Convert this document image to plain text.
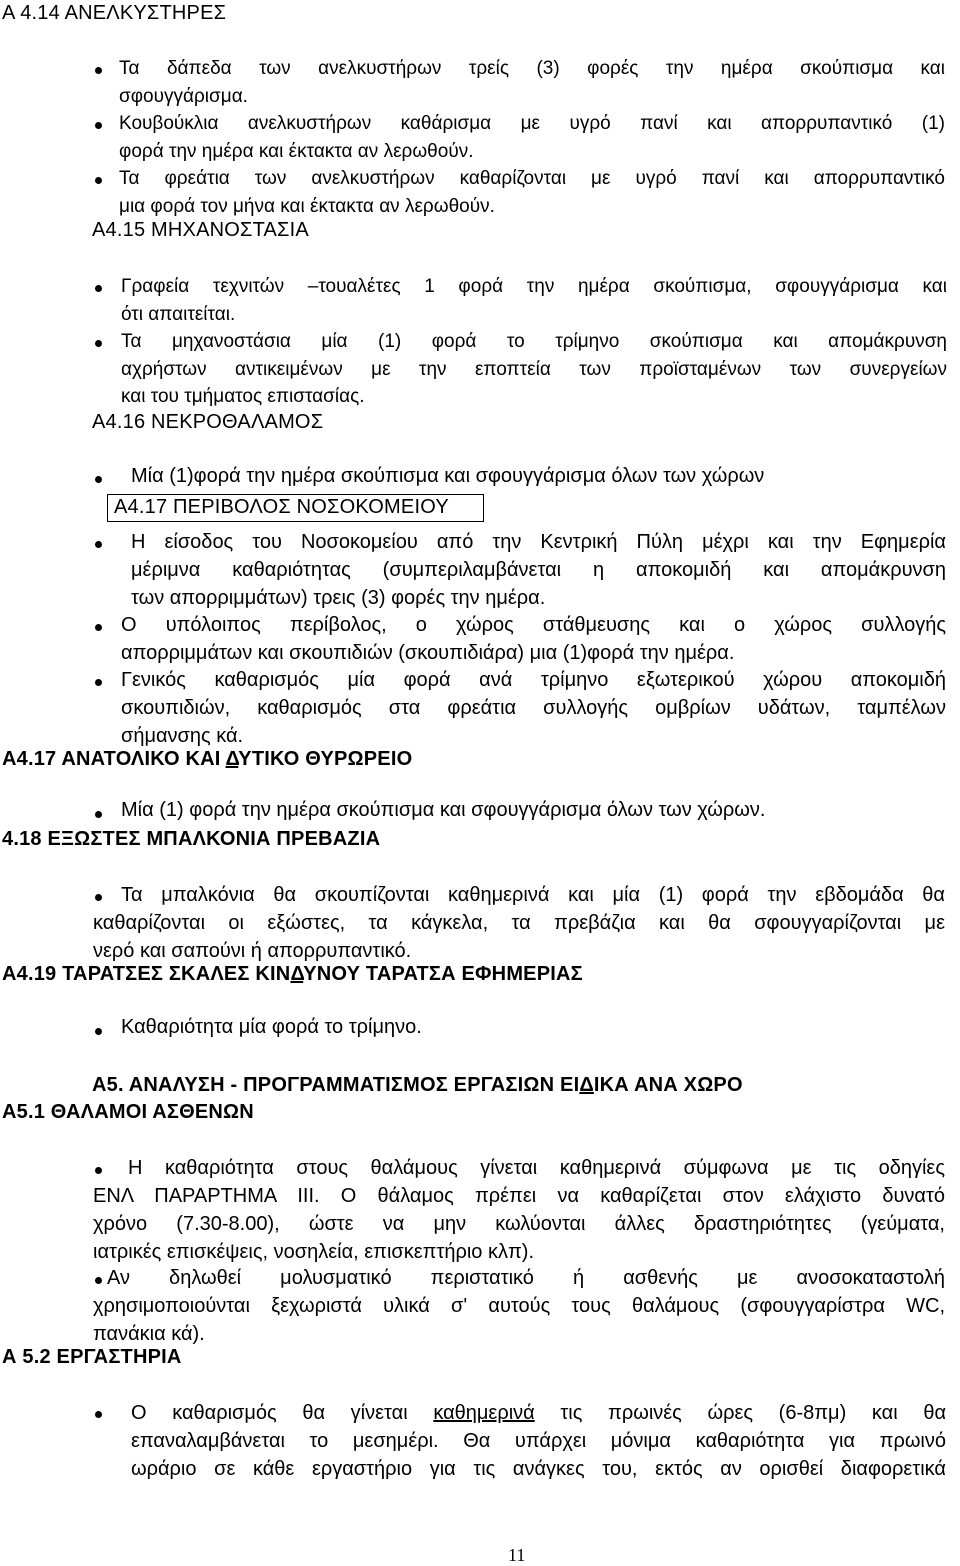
Α 4.14 ΑΝΕΛΚΥΣΤΗΡΕΣ
Τα δάπεδα των ανελκυστήρων τρείς (3) φορές την ημέρα σκούπισμα και
σφουγγάρισμα.
Κουβούκλια ανελκυστήρων καθάρισμα με υγρό πανί και απορρυπαντικό (1)
φορά την ημέρα και έκτακτα αν λερωθούν.
Τα φρεάτια των ανελκυστήρων καθαρίζονται με υγρό πανί και απορρυπαντικό
μια φορά τον μήνα και έκτακτα αν λερωθούν.
Α4.15 ΜΗΧΑΝΟΣΤΑΣΙΑ
Γραφεία τεχνιτών –τουαλέτες 1 φορά την ημέρα σκούπισμα, σφουγγάρισμα και
ότι απαιτείται.
Τα μηχανοστάσια μία (1) φορά το τρίμηνο σκούπισμα και απομάκρυνση
αχρήστων αντικειμένων με την εποπτεία των προϊσταμένων των συνεργείων
και του τμήματος επιστασίας.
Α4.16 ΝΕΚΡΟΘΑΛΑΜΟΣ
Μία (1)φορά την ημέρα σκούπισμα και σφουγγάρισμα όλων των χώρων
Α4.17 ΠΕΡΙΒΟΛΟΣ ΝΟΣΟΚΟΜΕΙΟΥ
Η είσοδος του Νοσοκομείου από την Κεντρική Πύλη μέχρι και την Εφημερία
μέριμνα καθαριότητας (συμπεριλαμβάνεται η αποκομιδή και απομάκρυνση
των απορριμμάτων) τρεις (3) φορές την ημέρα.
Ο υπόλοιπος περίβολος, ο χώρος στάθμευσης και ο χώρος συλλογής
απορριμμάτων και σκουπιδιών (σκουπιδιάρα) μια (1)φορά την ημέρα.
Γενικός καθαρισμός μία φορά ανά τρίμηνο εξωτερικού χώρου αποκομιδή
σκουπιδιών, καθαρισμός στα φρεάτια συλλογής ομβρίων υδάτων, ταμπέλων
σήμανσης κά.
Α4.17 ΑΝΑΤΟΛΙΚΟ ΚΑΙ ΔΥΤΙΚΟ ΘΥΡΩΡΕΙΟ
Μία (1) φορά την ημέρα σκούπισμα και σφουγγάρισμα όλων των χώρων.
4.18 ΕΞΩΣΤΕΣ ΜΠΑΛΚΟΝΙΑ ΠΡΕΒΑΖΙΑ
Τα μπαλκόνια θα σκουπίζονται καθημερινά και μία (1) φορά την εβδομάδα θα
καθαρίζονται οι εξώστες, τα κάγκελα, τα πρεβάζια και θα σφουγγαρίζονται με
νερό και σαπούνι ή απορρυπαντικό.
Α4.19 ΤΑΡΑΤΣΕΣ ΣΚΑΛΕΣ ΚΙΝΔΥΝΟΥ ΤΑΡΑΤΣΑ ΕΦΗΜΕΡΙΑΣ
Καθαριότητα μία φορά το τρίμηνο.
Α5. ΑΝΑΛΥΣΗ - ΠΡΟΓΡΑΜΜΑΤΙΣΜΟΣ ΕΡΓΑΣΙΩΝ ΕΙΔΙΚΑ ΑΝΑ ΧΩΡΟ
Α5.1 ΘΑΛΑΜΟΙ ΑΣΘΕΝΩΝ
Η καθαριότητα στους θαλάμους γίνεται καθημερινά σύμφωνα με τις οδηγίες
ΕΝΛ ΠΑΡΑΡΤΗΜΑ ΙΙΙ. Ο θάλαμος πρέπει να καθαρίζεται στον ελάχιστο δυνατό
χρόνο (7.30-8.00), ώστε να μην κωλύονται άλλες δραστηριότητες (γεύματα,
ιατρικές επισκέψεις, νοσηλεία, επισκεπτήριο κλπ).
Αν δηλωθεί μολυσματικό περιστατικό ή ασθενής με ανοσοκαταστολή
χρησιμοποιούνται ξεχωριστά υλικά σ' αυτούς τους θαλάμους (σφουγγαρίστρα WC,
πανάκια κά).
Α 5.2 ΕΡΓΑΣΤΗΡΙΑ
Ο καθαρισμός θα γίνεται καθημερινά τις πρωινές ώρες (6-8πμ) και θα
επαναλαμβάνεται το μεσημέρι. Θα υπάρχει μόνιμα καθαριότητα για πρωινό
ωράριο σε κάθε εργαστήριο για τις ανάγκες του, εκτός αν ορισθεί διαφορετικά
11
